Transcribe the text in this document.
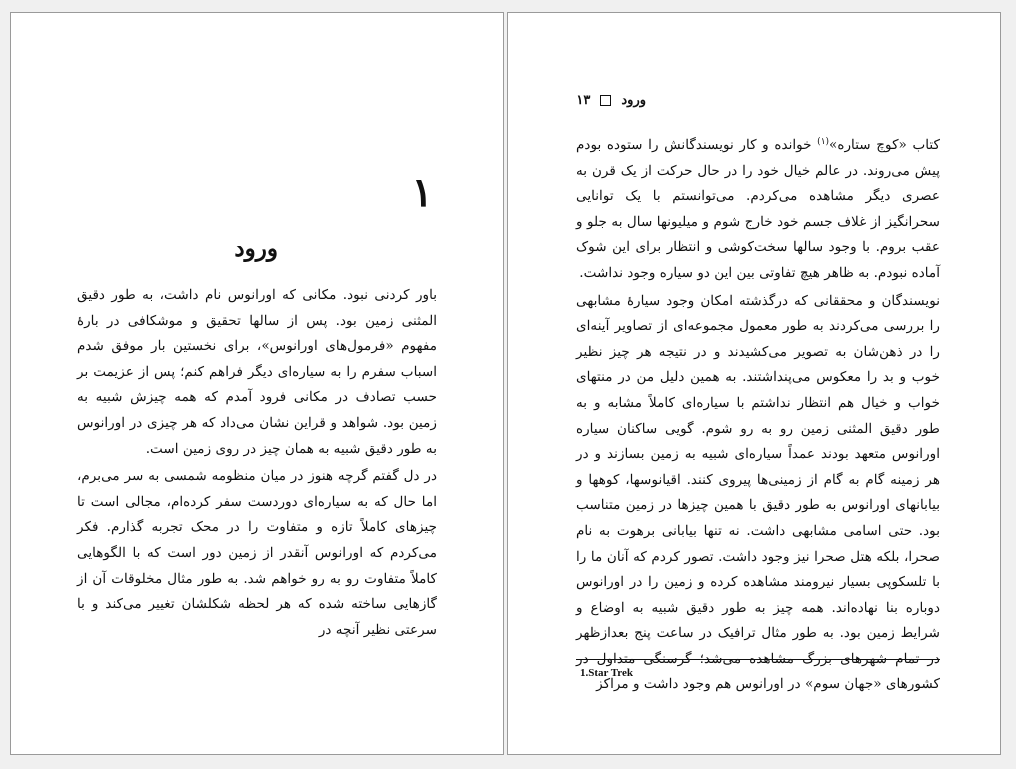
۱
ورود

باور کردنی نبود. مکانی که اورانوس نام داشت، به طور دقیق المثنی زمین بود. پس از سالها تحقیق و موشکافی در بارهٔ مفهوم «فرمول‌های اورانوس»، برای نخستین بار موفق شدم اسباب سفرم را به سیاره‌ای دیگر فراهم کنم؛ پس از عزیمت بر حسب تصادف در مکانی فرود آمدم که همه چیزش شبیه به زمین بود. شواهد و قراین نشان می‌داد که هر چیزی در اورانوس به طور دقیق شبیه به همان چیز در روی زمین است.

در دل گفتم گرچه هنوز در میان منظومه شمسی به سر می‌برم، اما حال که به سیاره‌ای دوردست سفر کرده‌ام، مجالی است تا چیزهای کاملاً تازه و متفاوت را در محک تجربه گذارم. فکر می‌کردم که اورانوس آنقدر از زمین دور است که با الگوهایی کاملاً متفاوت رو به رو خواهم شد. به طور مثال مخلوقات آن از گازهایی ساخته شده که هر لحظه شکلشان تغییر می‌کند و با سرعتی نظیر آنچه در

ورود
۱۳

کتاب «کوچ ستاره»$^{(۱)}$ خوانده و کار نویسندگانش را ستوده بودم پیش می‌روند. در عالم خیال خود را در حال حرکت از یک قرن به عصری دیگر مشاهده می‌کردم. می‌توانستم با یک توانایی سحرانگیز از غلاف جسم خود خارج شوم و میلیونها سال به جلو و عقب بروم. با وجود سالها سخت‌کوشی و انتظار برای این شوک آماده نبودم. به ظاهر هیچ تفاوتی بین این دو سیاره وجود نداشت.

نویسندگان و محققانی که درگذشته امکان وجود سیارهٔ مشابهی را بررسی می‌کردند به طور معمول مجموعه‌ای از تصاویر آینه‌ای را در ذهن‌شان به تصویر می‌کشیدند و در نتیجه هر چیز نظیر خوب و بد را معکوس می‌پنداشتند. به همین دلیل من در منتهای خواب و خیال هم انتظار نداشتم با سیاره‌ای کاملاً مشابه و به طور دقیق المثنی زمین رو به رو شوم. گویی ساکنان سیاره اورانوس متعهد بودند عمداً سیاره‌ای شبیه به زمین بسازند و در هر زمینه گام به گام از زمینی‌ها پیروی کنند. اقیانوسها، کوهها و بیابانهای اورانوس به طور دقیق با همین چیزها در زمین متناسب بود. حتی اسامی مشابهی داشت. نه تنها بیابانی برهوت به نام صحرا، بلکه هتل صحرا نیز وجود داشت. تصور کردم که آنان ما را با تلسکوپی بسیار نیرومند مشاهده کرده و زمین را در اورانوس دوباره بنا نهاده‌اند. همه چیز به طور دقیق شبیه به اوضاع و شرایط زمین بود. به طور مثال ترافیک در ساعت پنج بعدازظهر در تمام شهرهای بزرگ مشاهده می‌شد؛ گرسنگی متداول در کشورهای «جهان سوم» در اورانوس هم وجود داشت و مراکز

1.Star Trek
